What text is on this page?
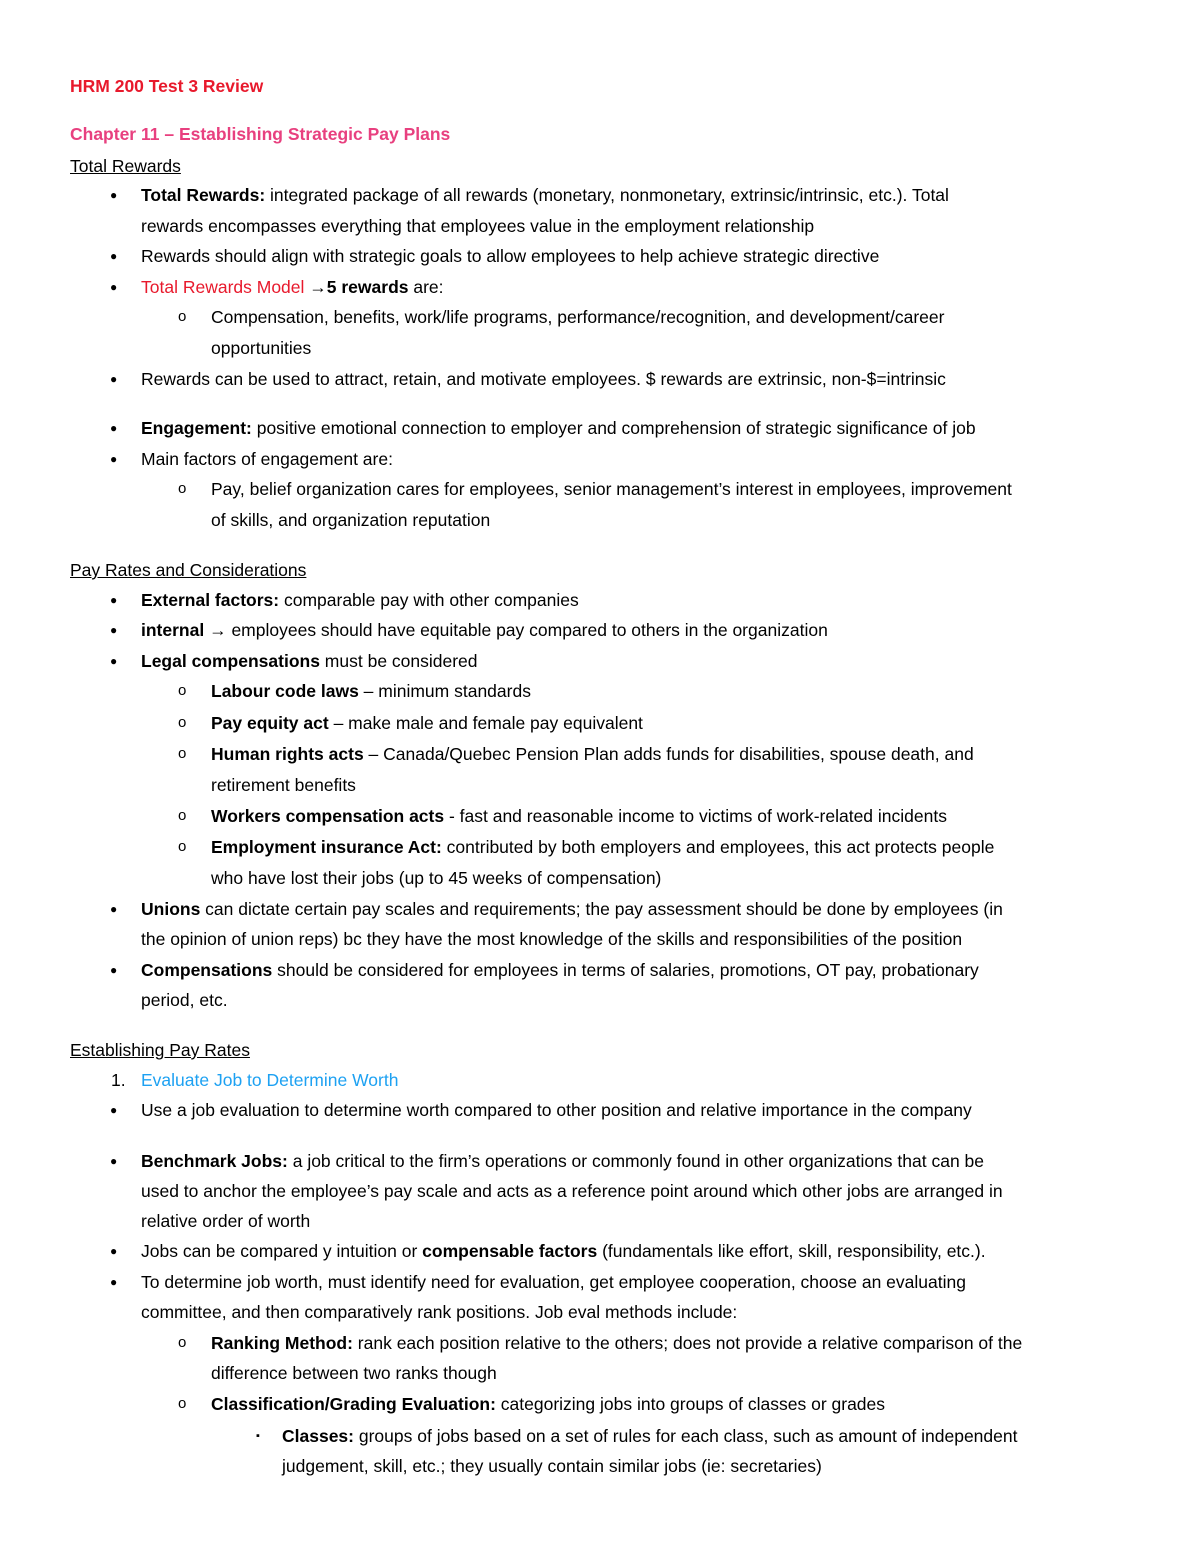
HRM 200 Test 3 Review
Chapter 11 – Establishing Strategic Pay Plans
Total Rewards
● Total Rewards: integrated package of all rewards (monetary, nonmonetary, extrinsic/intrinsic, etc.). Total

rewards encompasses everything that employees value in the employment relationship

● Rewards should align with strategic goals to allow employees to help achieve strategic directive

● Total Rewards Model →5 rewards are:

o Compensation, benefits, work/life programs, performance/recognition, and development/career

opportunities

● Rewards can be used to attract, retain, and motivate employees. $ rewards are extrinsic, non-$=intrinsic

● Engagement: positive emotional connection to employer and comprehension of strategic significance of job

● Main factors of engagement are:

o Pay, belief organization cares for employees, senior management’s interest in employees, improvement

of skills, and organization reputation

Pay Rates and Considerations
● External factors: comparable pay with other companies

● internal → employees should have equitable pay compared to others in the organization

● Legal compensations must be considered

o Labour code laws – minimum standards

o Pay equity act – make male and female pay equivalent

o Human rights acts – Canada/Quebec Pension Plan adds funds for disabilities, spouse death, and

retirement benefits

o Workers compensation acts - fast and reasonable income to victims of work-related incidents

o Employment insurance Act: contributed by both employers and employees, this act protects people

who have lost their jobs (up to 45 weeks of compensation)

● Unions can dictate certain pay scales and requirements; the pay assessment should be done by employees (in

the opinion of union reps) bc they have the most knowledge of the skills and responsibilities of the position

● Compensations should be considered for employees in terms of salaries, promotions, OT pay, probationary

period, etc.

Establishing Pay Rates
1. Evaluate Job to Determine Worth

● Use a job evaluation to determine worth compared to other position and relative importance in the company

● Benchmark Jobs: a job critical to the firm’s operations or commonly found in other organizations that can be

used to anchor the employee’s pay scale and acts as a reference point around which other jobs are arranged in

relative order of worth

● Jobs can be compared y intuition or compensable factors (fundamentals like effort, skill, responsibility, etc.).

● To determine job worth, must identify need for evaluation, get employee cooperation, choose an evaluating

committee, and then comparatively rank positions. Job eval methods include:

o Ranking Method: rank each position relative to the others; does not provide a relative comparison of the

difference between two ranks though

o Classification/Grading Evaluation: categorizing jobs into groups of classes or grades

▪ Classes: groups of jobs based on a set of rules for each class, such as amount of independent

judgement, skill, etc.; they usually contain similar jobs (ie: secretaries)
